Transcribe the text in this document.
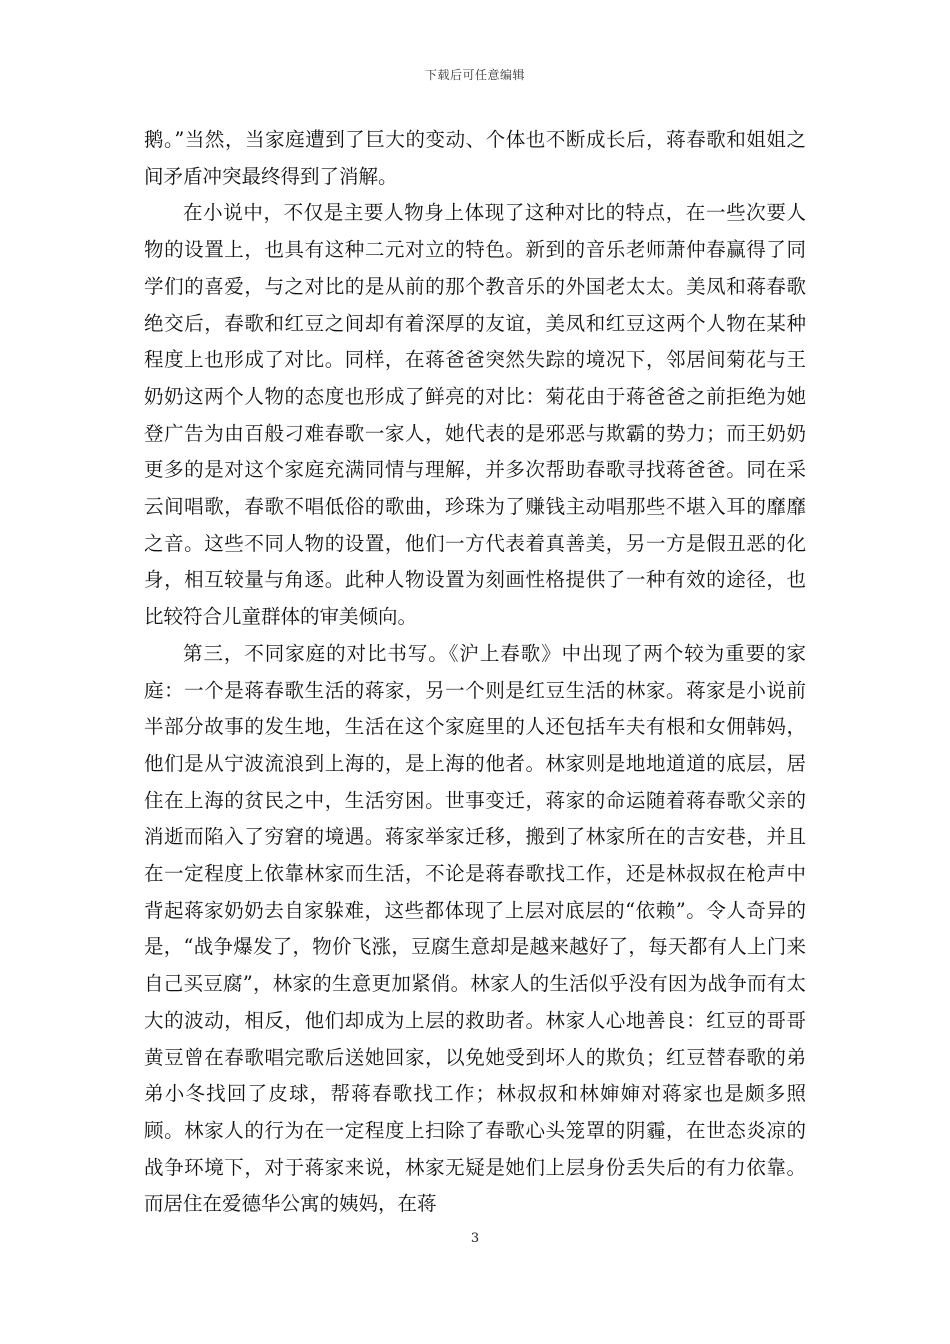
下载后可任意编辑

鹅。”当然，当家庭遭到了巨大的变动、个体也不断成长后，蒋春歌和姐姐之间矛盾冲突最终得到了消解。

在小说中，不仅是主要人物身上体现了这种对比的特点，在一些次要人物的设置上，也具有这种二元对立的特色。新到的音乐老师萧仲春赢得了同学们的喜爱，与之对比的是从前的那个教音乐的外国老太太。美凤和蒋春歌绝交后，春歌和红豆之间却有着深厚的友谊，美凤和红豆这两个人物在某种程度上也形成了对比。同样，在蒋爸爸突然失踪的境况下，邻居间菊花与王奶奶这两个人物的态度也形成了鲜亮的对比：菊花由于蒋爸爸之前拒绝为她登广告为由百般刁难春歌一家人，她代表的是邪恶与欺霸的势力；而王奶奶更多的是对这个家庭充满同情与理解，并多次帮助春歌寻找蒋爸爸。同在采云间唱歌，春歌不唱低俗的歌曲，珍珠为了赚钱主动唱那些不堪入耳的靡靡之音。这些不同人物的设置，他们一方代表着真善美，另一方是假丑恶的化身，相互较量与角逐。此种人物设置为刻画性格提供了一种有效的途径，也比较符合儿童群体的审美倾向。

第三，不同家庭的对比书写。《沪上春歌》中出现了两个较为重要的家庭：一个是蒋春歌生活的蒋家，另一个则是红豆生活的林家。蒋家是小说前半部分故事的发生地，生活在这个家庭里的人还包括车夫有根和女佣韩妈，他们是从宁波流浪到上海的，是上海的他者。林家则是地地道道的底层，居住在上海的贫民之中，生活穷困。世事变迁，蒋家的命运随着蒋春歌父亲的消逝而陷入了穷窘的境遇。蒋家举家迁移，搬到了林家所在的吉安巷，并且在一定程度上依靠林家而生活，不论是蒋春歌找工作，还是林叔叔在枪声中背起蒋家奶奶去自家躲难，这些都体现了上层对底层的“依赖”。令人奇异的是，“战争爆发了，物价飞涨，豆腐生意却是越来越好了，每天都有人上门来自己买豆腐”，林家的生意更加紧俏。林家人的生活似乎没有因为战争而有太大的波动，相反，他们却成为上层的救助者。林家人心地善良：红豆的哥哥黄豆曾在春歌唱完歌后送她回家，以免她受到坏人的欺负；红豆替春歌的弟弟小冬找回了皮球，帮蒋春歌找工作；林叔叔和林婶婶对蒋家也是颇多照顾。林家人的行为在一定程度上扫除了春歌心头笼罩的阴霾，在世态炎凉的战争环境下，对于蒋家来说，林家无疑是她们上层身份丢失后的有力依靠。而居住在爱德华公寓的姨妈，在蒋

3
